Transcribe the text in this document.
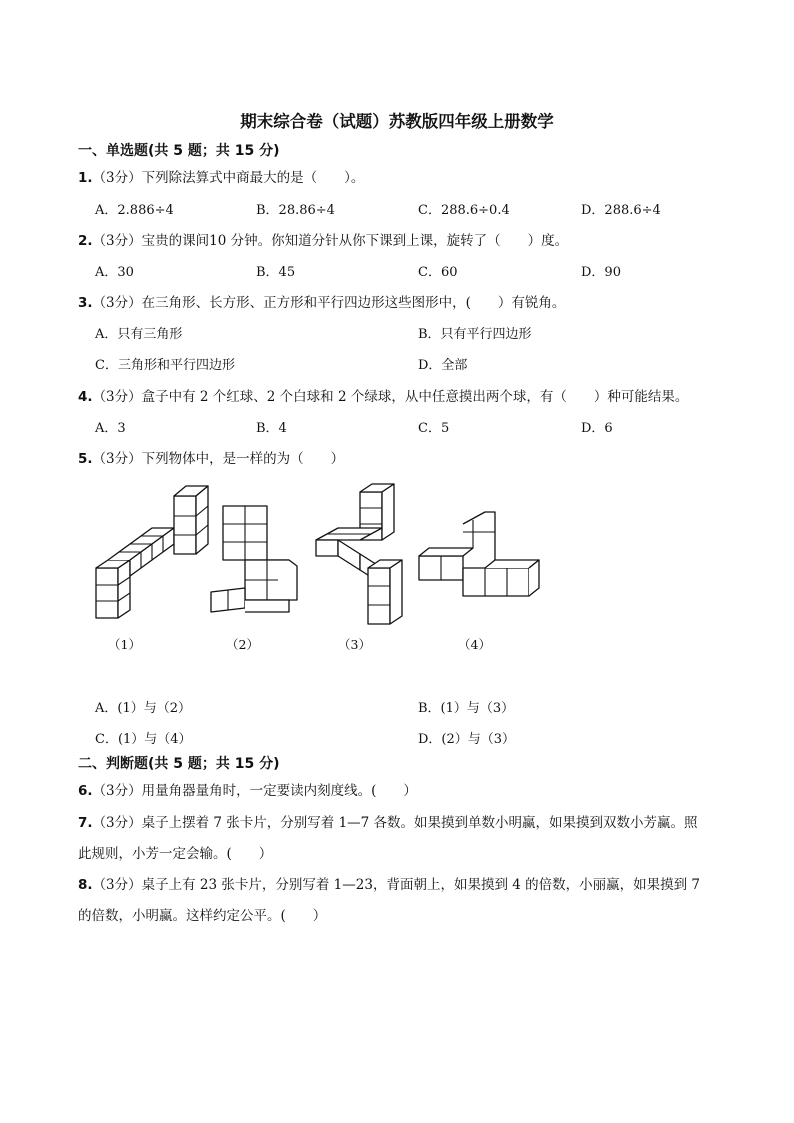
期末综合卷（试题）苏教版四年级上册数学
一、单选题(共 5 题；共 15 分)
1.（3分）下列除法算式中商最大的是（　　）。
A．2.886÷4	B．28.86÷4	C．288.6÷0.4	D．288.6÷4
2.（3分）宝贵的课间10 分钟。你知道分针从你下课到上课，旋转了（　　）度。
A．30	B．45	C．60	D．90
3.（3分）在三角形、长方形、正方形和平行四边形这些图形中，(　　）有锐角。
A．只有三角形	B．只有平行四边形
C．三角形和平行四边形	D．全部
4.（3分）盒子中有 2 个红球、2 个白球和 2 个绿球，从中任意摸出两个球，有（　　）种可能结果。
A．3	B．4	C．5	D．6
5.（3分）下列物体中，是一样的为（　　）
（1）	（2）	（3）	（4）
A．(1）与（2）	B．(1）与（3）
C．(1）与（4）	D．(2）与（3）
二、判断题(共 5 题；共 15 分)
6.（3分）用量角器量角时，一定要读内刻度线。(　　）
7.（3分）桌子上摆着 7 张卡片，分别写着 1—7 各数。如果摸到单数小明赢，如果摸到双数小芳赢。照
此规则，小芳一定会输。(　　）
8.（3分）桌子上有 23 张卡片，分别写着 1—23，背面朝上，如果摸到 4 的倍数，小丽赢，如果摸到 7
的倍数，小明赢。这样约定公平。(　　）
